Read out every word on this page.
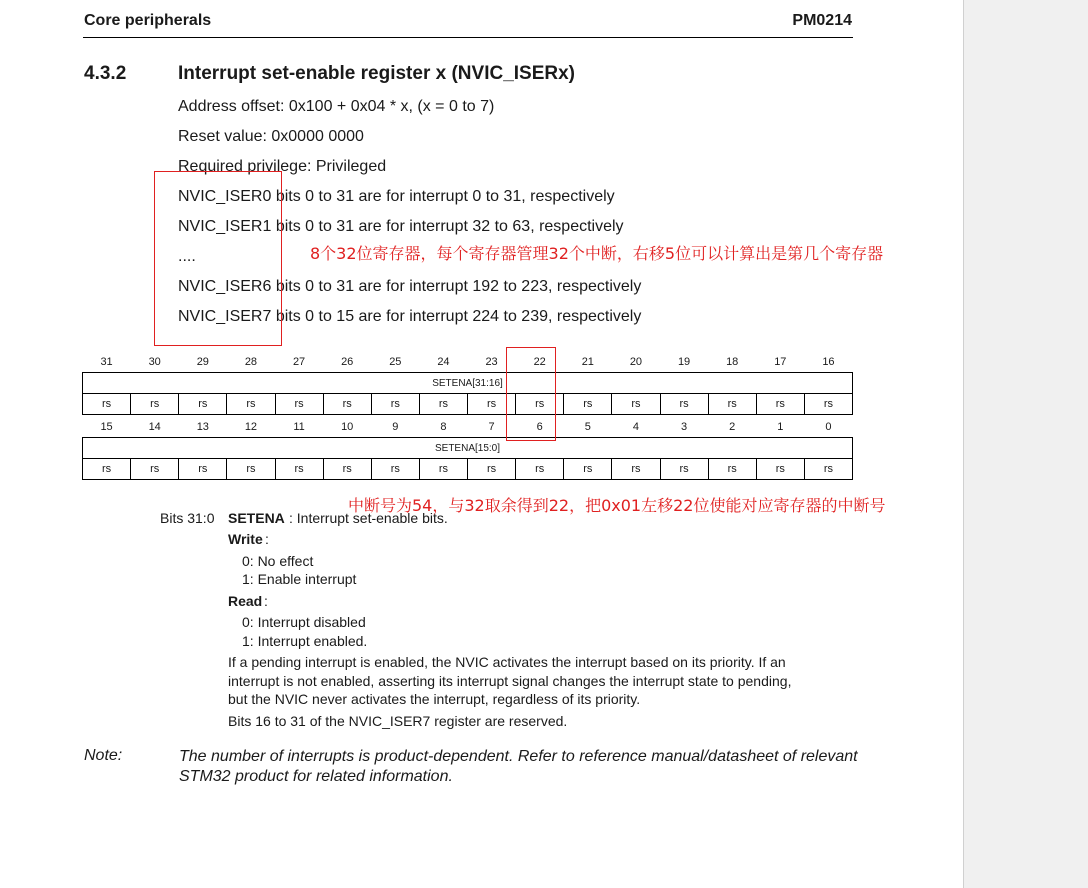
Core peripherals	PM0214
4.3.2	Interrupt set-enable register x (NVIC_ISERx)
Address offset: 0x100 + 0x04 * x, (x = 0 to 7)
Reset value: 0x0000 0000
Required privilege: Privileged
NVIC_ISER0 bits 0 to 31 are for interrupt 0 to 31, respectively
NVIC_ISER1 bits 0 to 31 are for interrupt 32 to 63, respectively
....
NVIC_ISER6 bits 0 to 31 are for interrupt 192 to 223, respectively
NVIC_ISER7 bits 0 to 15 are for interrupt 224 to 239, respectively
8个32位寄存器，每个寄存器管理32个中断，右移5位可以计算出是第几个寄存器
31	30	29	28	27	26	25	24	23	22	21	20	19	18	17	16
SETENA[31:16]															
rs	rs	rs	rs	rs	rs	rs	rs	rs	rs	rs	rs	rs	rs	rs	rs
15	14	13	12	11	10	9	8	7	6	5	4	3	2	1	0
SETENA[15:0]															
rs	rs	rs	rs	rs	rs	rs	rs	rs	rs	rs	rs	rs	rs	rs	rs
中断号为54，与32取余得到22，把0x01左移22位使能对应寄存器的中断号
Bits 31:0 SETENA : Interrupt set-enable bits.
Write :
0: No effect
1: Enable interrupt
Read :
0: Interrupt disabled
1: Interrupt enabled.
If a pending interrupt is enabled, the NVIC activates the interrupt based on its priority. If an
interrupt is not enabled, asserting its interrupt signal changes the interrupt state to pending,
but the NVIC never activates the interrupt, regardless of its priority.
Bits 16 to 31 of the NVIC_ISER7 register are reserved.
Note:	The number of interrupts is product-dependent. Refer to reference manual/datasheet of relevant STM32 product for related information.
